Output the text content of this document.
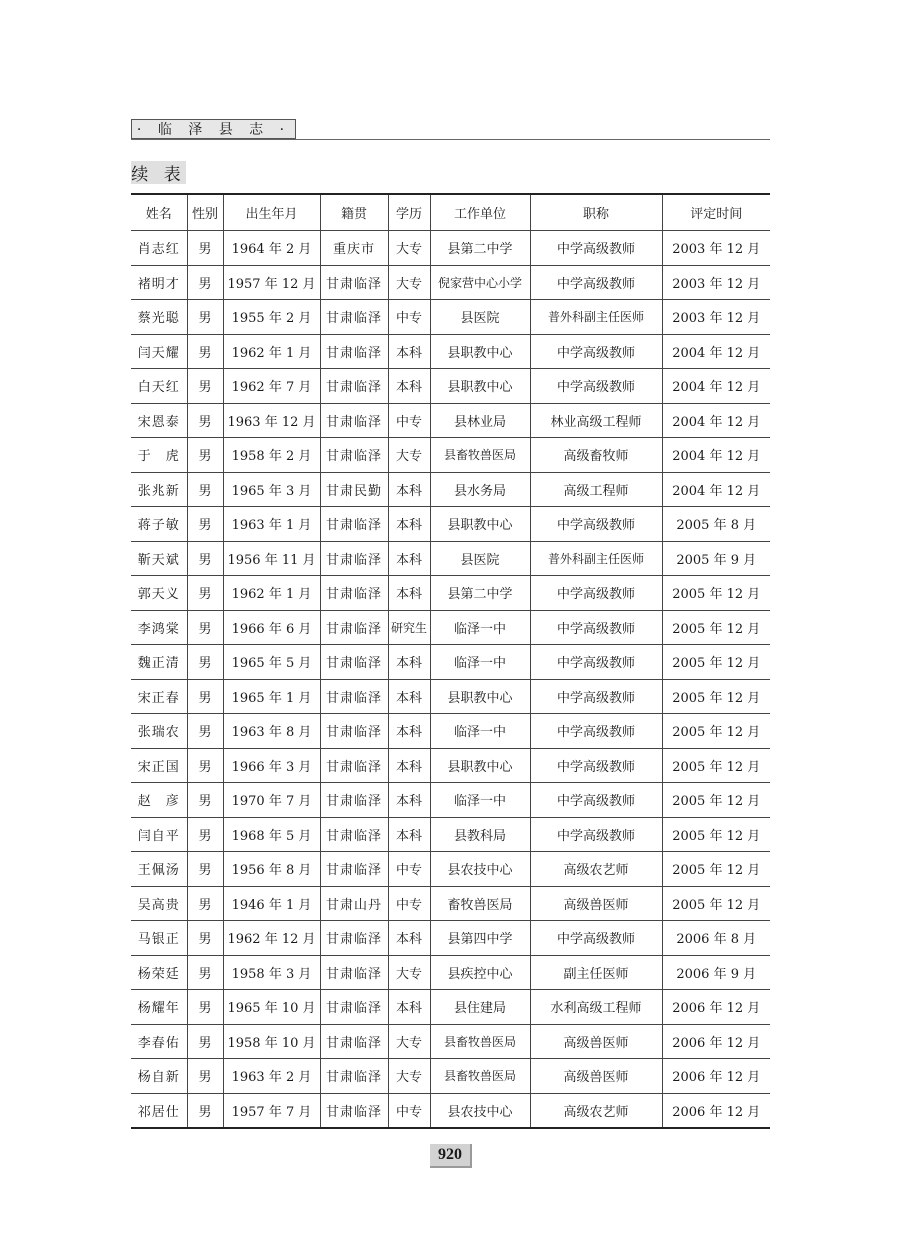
· 临 泽 县 志 ·
续 表
姓名	性别	出生年月	籍贯	学历	工作单位	职称	评定时间
肖志红	男	1964 年 2 月	重庆市	大专	县第二中学	中学高级教师	2003 年 12 月
褚明才	男	1957 年 12 月	甘肃临泽	大专	倪家营中心小学	中学高级教师	2003 年 12 月
蔡光聪	男	1955 年 2 月	甘肃临泽	中专	县医院	普外科副主任医师	2003 年 12 月
闫天耀	男	1962 年 1 月	甘肃临泽	本科	县职教中心	中学高级教师	2004 年 12 月
白天红	男	1962 年 7 月	甘肃临泽	本科	县职教中心	中学高级教师	2004 年 12 月
宋恩泰	男	1963 年 12 月	甘肃临泽	中专	县林业局	林业高级工程师	2004 年 12 月
于　虎	男	1958 年 2 月	甘肃临泽	大专	县畜牧兽医局	高级畜牧师	2004 年 12 月
张兆新	男	1965 年 3 月	甘肃民勤	本科	县水务局	高级工程师	2004 年 12 月
蒋子敏	男	1963 年 1 月	甘肃临泽	本科	县职教中心	中学高级教师	2005 年 8 月
靳天斌	男	1956 年 11 月	甘肃临泽	本科	县医院	普外科副主任医师	2005 年 9 月
郭天义	男	1962 年 1 月	甘肃临泽	本科	县第二中学	中学高级教师	2005 年 12 月
李鸿棠	男	1966 年 6 月	甘肃临泽	研究生	临泽一中	中学高级教师	2005 年 12 月
魏正清	男	1965 年 5 月	甘肃临泽	本科	临泽一中	中学高级教师	2005 年 12 月
宋正春	男	1965 年 1 月	甘肃临泽	本科	县职教中心	中学高级教师	2005 年 12 月
张瑞农	男	1963 年 8 月	甘肃临泽	本科	临泽一中	中学高级教师	2005 年 12 月
宋正国	男	1966 年 3 月	甘肃临泽	本科	县职教中心	中学高级教师	2005 年 12 月
赵　彦	男	1970 年 7 月	甘肃临泽	本科	临泽一中	中学高级教师	2005 年 12 月
闫自平	男	1968 年 5 月	甘肃临泽	本科	县教科局	中学高级教师	2005 年 12 月
王佩汤	男	1956 年 8 月	甘肃临泽	中专	县农技中心	高级农艺师	2005 年 12 月
吴高贵	男	1946 年 1 月	甘肃山丹	中专	畜牧兽医局	高级兽医师	2005 年 12 月
马银正	男	1962 年 12 月	甘肃临泽	本科	县第四中学	中学高级教师	2006 年 8 月
杨荣廷	男	1958 年 3 月	甘肃临泽	大专	县疾控中心	副主任医师	2006 年 9 月
杨耀年	男	1965 年 10 月	甘肃临泽	本科	县住建局	水利高级工程师	2006 年 12 月
李春佑	男	1958 年 10 月	甘肃临泽	大专	县畜牧兽医局	高级兽医师	2006 年 12 月
杨自新	男	1963 年 2 月	甘肃临泽	大专	县畜牧兽医局	高级兽医师	2006 年 12 月
祁居仕	男	1957 年 7 月	甘肃临泽	中专	县农技中心	高级农艺师	2006 年 12 月
920
